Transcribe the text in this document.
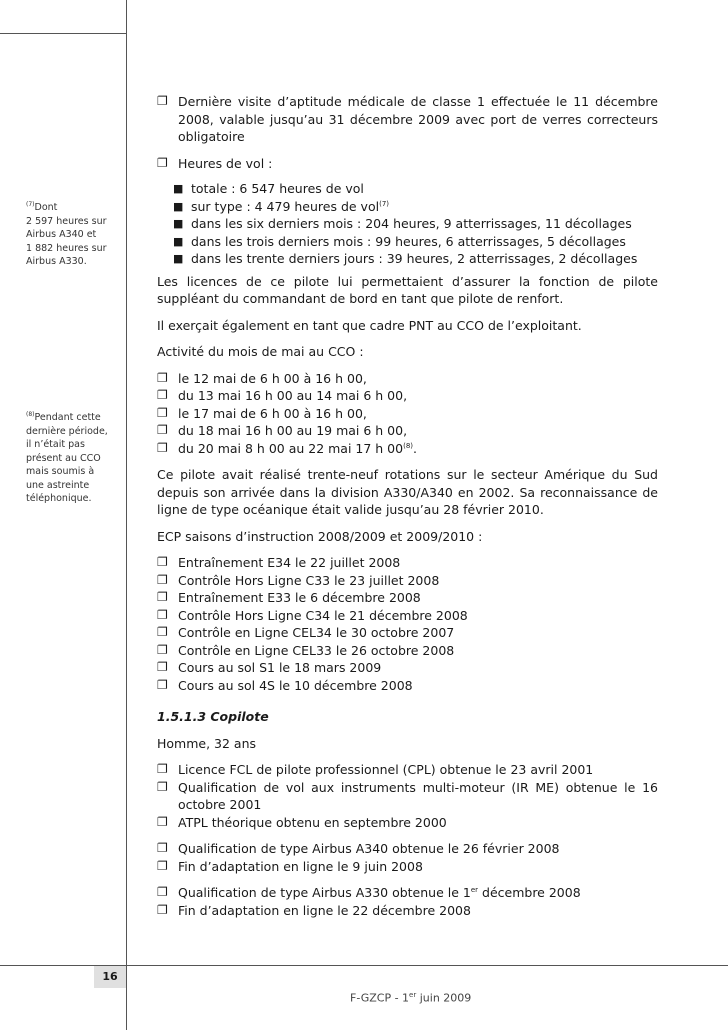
16
F-GZCP - 1er juin 2009
$^{(7)}$Dont
2 597 heures sur
Airbus A340 et
1 882 heures sur
Airbus A330.
$^{(8)}$Pendant cette
dernière période,
il n’était pas
présent au CCO
mais soumis à
une astreinte
téléphonique.
❐ Dernière visite d’aptitude médicale de classe 1 effectuée le 11 décembre 2008, valable jusqu’au 31 décembre 2009 avec port de verres correcteurs obligatoire
❐ Heures de vol :
■ totale : 6 547 heures de vol
■ sur type : 4 479 heures de vol$^{(7)}$
■ dans les six derniers mois : 204 heures, 9 atterrissages, 11 décollages
■ dans les trois derniers mois : 99 heures, 6 atterrissages, 5 décollages
■ dans les trente derniers jours : 39 heures, 2 atterrissages, 2 décollages
Les licences de ce pilote lui permettaient d’assurer la fonction de pilote suppléant du commandant de bord en tant que pilote de renfort.
Il exerçait également en tant que cadre PNT au CCO de l’exploitant.
Activité du mois de mai au CCO :
❐ le 12 mai de 6 h 00 à 16 h 00,
❐ du 13 mai 16 h 00 au 14 mai 6 h 00,
❐ le 17 mai de 6 h 00 à 16 h 00,
❐ du 18 mai 16 h 00 au 19 mai 6 h 00,
❐ du 20 mai 8 h 00 au 22 mai 17 h 00$^{(8)}$.
Ce pilote avait réalisé trente-neuf rotations sur le secteur Amérique du Sud depuis son arrivée dans la division A330/A340 en 2002. Sa reconnaissance de ligne de type océanique était valide jusqu’au 28 février 2010.
ECP saisons d’instruction 2008/2009 et 2009/2010 :
❐ Entraînement E34 le 22 juillet 2008
❐ Contrôle Hors Ligne C33 le 23 juillet 2008
❐ Entraînement E33 le 6 décembre 2008
❐ Contrôle Hors Ligne C34 le 21 décembre 2008
❐ Contrôle en Ligne CEL34 le 30 octobre 2007
❐ Contrôle en Ligne CEL33 le 26 octobre 2008
❐ Cours au sol S1 le 18 mars 2009
❐ Cours au sol 4S le 10 décembre 2008
1.5.1.3 Copilote
Homme, 32 ans
❐ Licence FCL de pilote professionnel (CPL) obtenue le 23 avril 2001
❐ Qualification de vol aux instruments multi-moteur (IR ME) obtenue le 16 octobre 2001
❐ ATPL théorique obtenu en septembre 2000
❐ Qualification de type Airbus A340 obtenue le 26 février 2008
❐ Fin d’adaptation en ligne le 9 juin 2008
❐ Qualification de type Airbus A330 obtenue le 1er décembre 2008
❐ Fin d’adaptation en ligne le 22 décembre 2008
